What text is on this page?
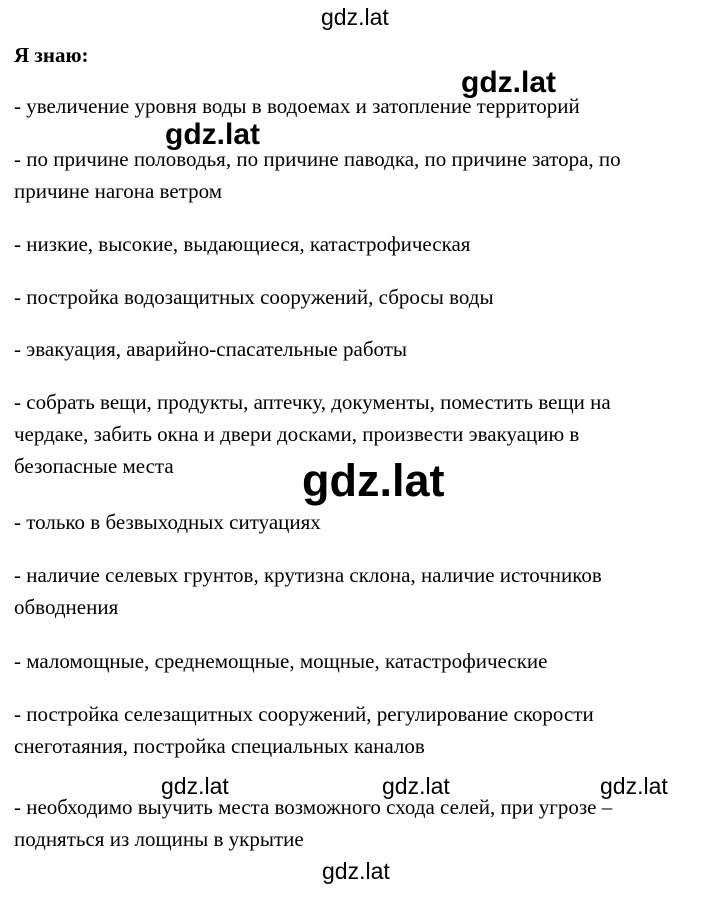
Я знаю:
- увеличение уровня воды в водоемах и затопление территорий
- по причине половодья, по причине паводка, по причине затора, по
причине нагона ветром
- низкие, высокие, выдающиеся, катастрофическая
- постройка водозащитных сооружений, сбросы воды
- эвакуация, аварийно-спасательные работы
- собрать вещи, продукты, аптечку, документы, поместить вещи на
чердаке, забить окна и двери досками, произвести эвакуацию в
безопасные места
- только в безвыходных ситуациях
- наличие селевых грунтов, крутизна склона, наличие источников
обводнения
- маломощные, среднемощные, мощные, катастрофические
- постройка селезащитных сооружений, регулирование скорости
снеготаяния, постройка специальных каналов
- необходимо выучить места возможного схода селей, при угрозе –
подняться из лощины в укрытие
gdz.lat
gdz.lat
gdz.lat
gdz.lat
gdz.lat	gdz.lat	gdz.lat
gdz.lat
